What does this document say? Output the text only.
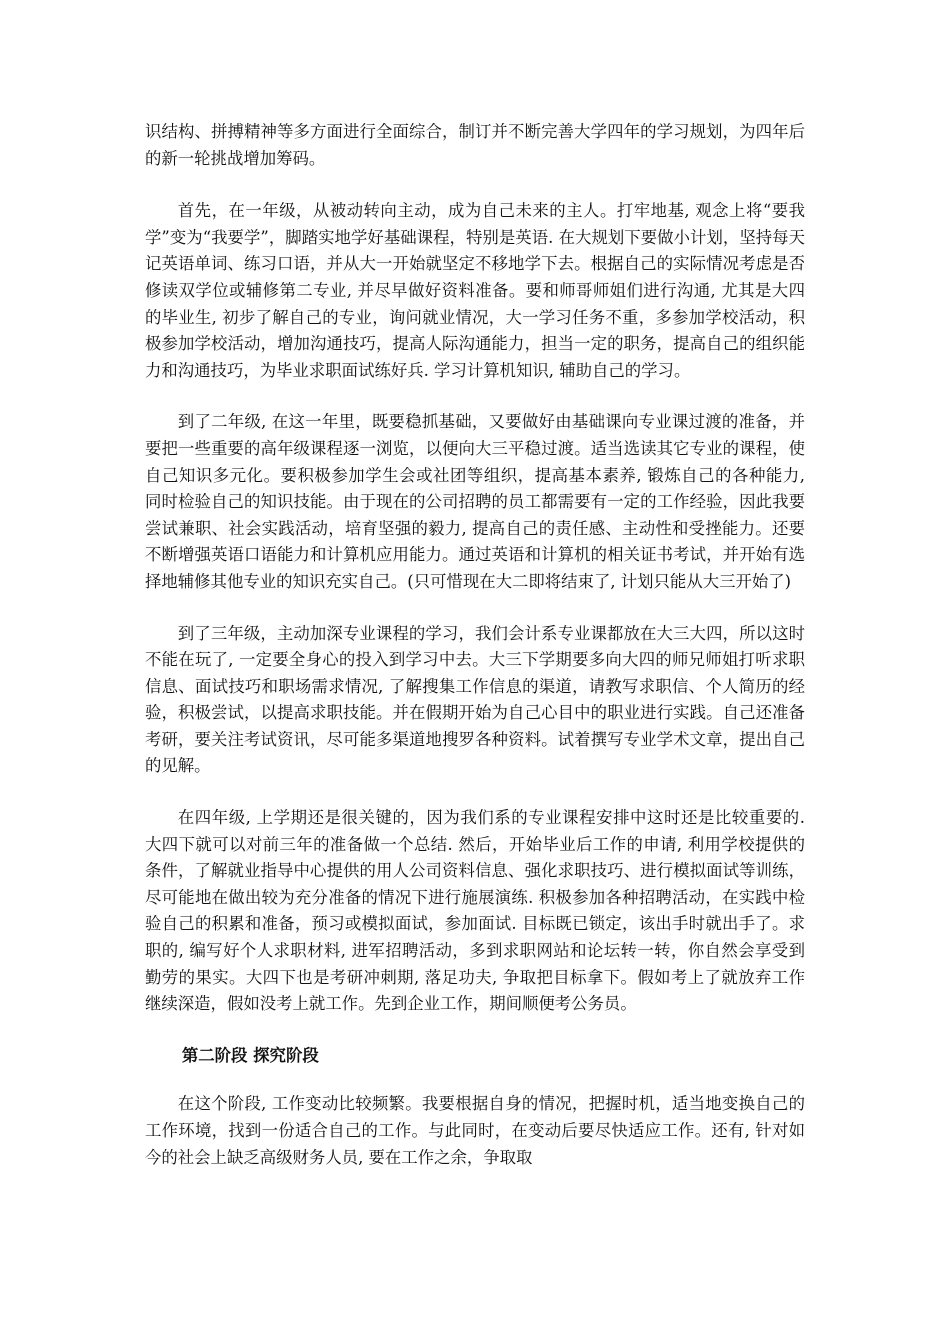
识结构、拼搏精神等多方面进行全面综合，制订并不断完善大学四年的学习规划，为四年后的新一轮挑战增加筹码。

首先，在一年级，从被动转向主动，成为自己未来的主人。打牢地基, 观念上将“要我学”变为“我要学”，脚踏实地学好基础课程，特别是英语. 在大规划下要做小计划，坚持每天记英语单词、练习口语，并从大一开始就坚定不移地学下去。根据自己的实际情况考虑是否修读双学位或辅修第二专业, 并尽早做好资料准备。要和师哥师姐们进行沟通, 尤其是大四的毕业生, 初步了解自己的专业，询问就业情况，大一学习任务不重，多参加学校活动，积极参加学校活动，增加沟通技巧，提高人际沟通能力，担当一定的职务，提高自己的组织能力和沟通技巧，为毕业求职面试练好兵. 学习计算机知识, 辅助自己的学习。

到了二年级, 在这一年里，既要稳抓基础，又要做好由基础课向专业课过渡的准备，并要把一些重要的高年级课程逐一浏览，以便向大三平稳过渡。适当选读其它专业的课程，使自己知识多元化。要积极参加学生会或社团等组织，提高基本素养, 锻炼自己的各种能力, 同时检验自己的知识技能。由于现在的公司招聘的员工都需要有一定的工作经验，因此我要尝试兼职、社会实践活动，培育坚强的毅力, 提高自己的责任感、主动性和受挫能力。还要不断增强英语口语能力和计算机应用能力。通过英语和计算机的相关证书考试，并开始有选择地辅修其他专业的知识充实自己。(只可惜现在大二即将结束了, 计划只能从大三开始了)

到了三年级，主动加深专业课程的学习，我们会计系专业课都放在大三大四，所以这时不能在玩了, 一定要全身心的投入到学习中去。大三下学期要多向大四的师兄师姐打听求职信息、面试技巧和职场需求情况, 了解搜集工作信息的渠道，请教写求职信、个人简历的经验，积极尝试，以提高求职技能。并在假期开始为自己心目中的职业进行实践。自己还准备考研，要关注考试资讯，尽可能多渠道地搜罗各种资料。试着撰写专业学术文章，提出自己的见解。

在四年级, 上学期还是很关键的，因为我们系的专业课程安排中这时还是比较重要的. 大四下就可以对前三年的准备做一个总结. 然后，开始毕业后工作的申请, 利用学校提供的条件，了解就业指导中心提供的用人公司资料信息、强化求职技巧、进行模拟面试等训练，尽可能地在做出较为充分准备的情况下进行施展演练. 积极参加各种招聘活动，在实践中检验自己的积累和准备，预习或模拟面试，参加面试. 目标既已锁定，该出手时就出手了。求职的, 编写好个人求职材料, 进军招聘活动，多到求职网站和论坛转一转，你自然会享受到勤劳的果实。大四下也是考研冲刺期, 落足功夫, 争取把目标拿下。假如考上了就放弃工作继续深造，假如没考上就工作。先到企业工作，期间顺便考公务员。

第二阶段 探究阶段

在这个阶段, 工作变动比较频繁。我要根据自身的情况，把握时机，适当地变换自己的工作环境，找到一份适合自己的工作。与此同时，在变动后要尽快适应工作。还有, 针对如今的社会上缺乏高级财务人员, 要在工作之余，争取取
